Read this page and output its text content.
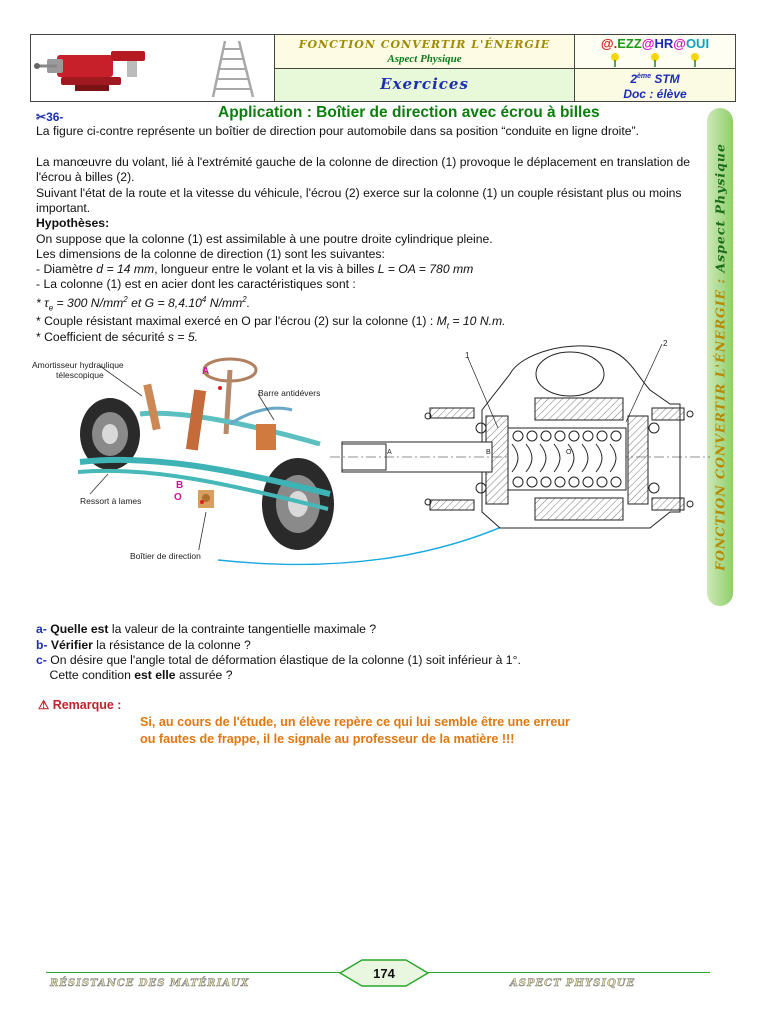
FONCTION CONVERTIR L'ÉNERGIE
Aspect Physique
Exercices
@.EZZ@HR@OUI
2ème STM
Doc : élève
FONCTION CONVERTIR L'ÉNERGIE : Aspect Physique
✂36-	Application : Boîtier de direction avec écrou à billes
La figure ci-contre représente un boîtier de direction pour automobile dans sa position “conduite en ligne droite”.
La manœuvre du volant, lié à l'extrémité gauche de la colonne de direction (1) provoque le déplacement en translation de l'écrou à billes (2).
Suivant l'état de la route et la vitesse du véhicule, l'écrou (2) exerce sur la colonne (1) un couple résistant plus ou moins important.
Hypothèses:
On suppose que la colonne (1) est assimilable à une poutre droite cylindrique pleine.
Les dimensions de la colonne de direction (1) sont les suivantes:
- Diamètre d = 14 mm, longueur entre le volant et la vis à billes L = OA = 780 mm
- La colonne (1) est en acier dont les caractéristiques sont :
* $\tau_e = 300$ $N/mm^2$ et $G = 8,4.10^4$ $N/mm^2$.
* Couple résistant maximal exercé en O par l'écrou (2) sur la colonne (1) : $M_t = 10$ N.m.
* Coefficient de sécurité s = 5.
Amortisseur hydraulique
télescopique
Barre antidévers
Ressort à lames
Boîtier de direction
A
B
O
1
2
A	B	O
a- Quelle est la valeur de la contrainte tangentielle maximale ?
b- Vérifier la résistance de la colonne ?
c- On désire que l'angle total de déformation élastique de la colonne (1) soit inférieur à 1°.
Cette condition est elle assurée ?
⚠ Remarque :
Si, au cours de l'étude, un élève repère ce qui lui semble être une erreur
ou fautes de frappe, il le signale au professeur de la matière !!!
174
RÉSISTANCE DES MATÉRIAUX	ASPECT PHYSIQUE
